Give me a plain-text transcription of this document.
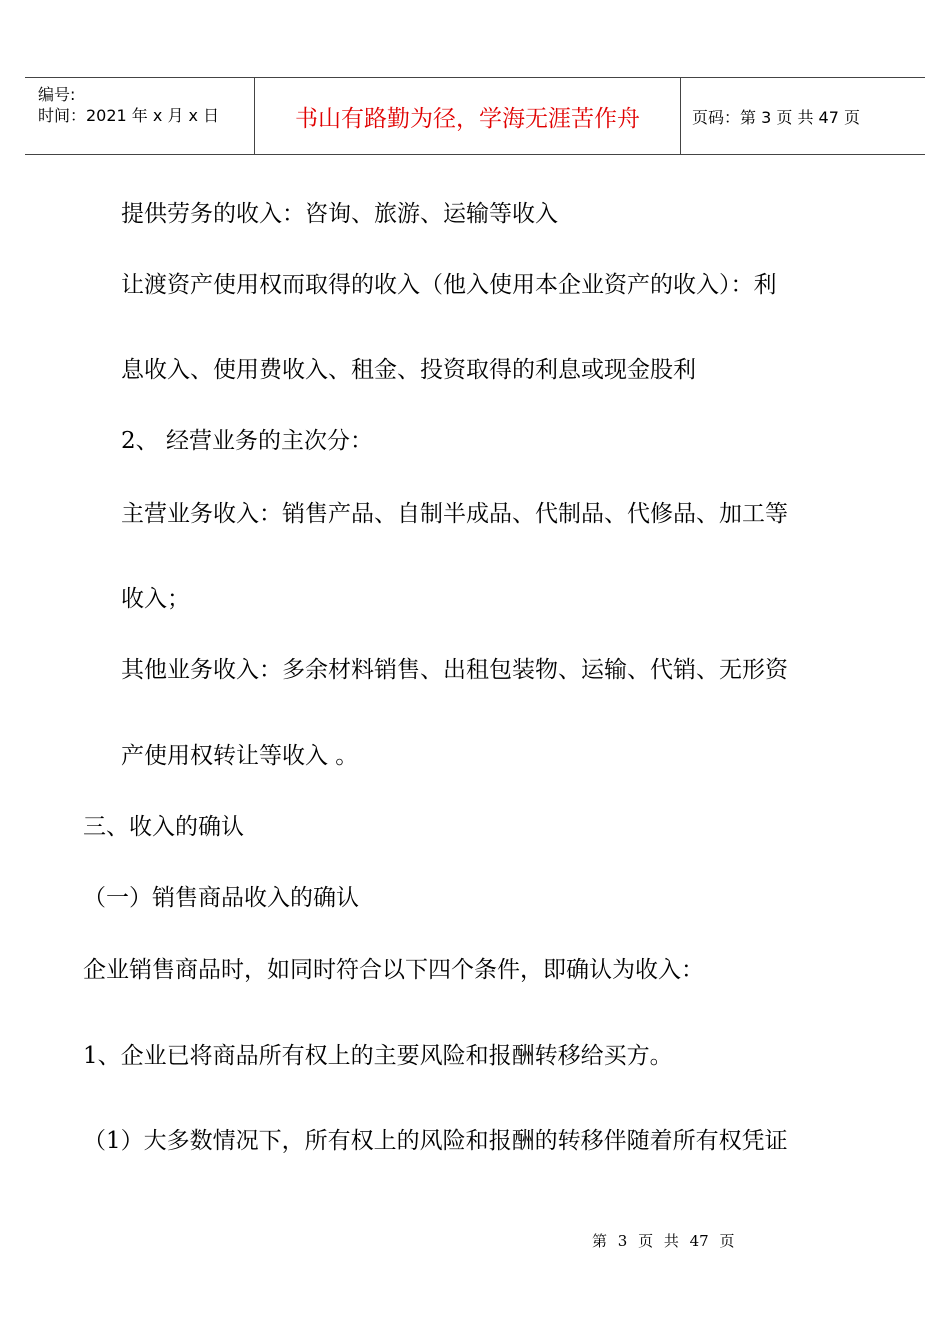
编号:
时间：2021 年 x 月 x 日	书山有路勤为径，学海无涯苦作舟	页码：第 3 页 共 47 页
提供劳务的收入：咨询、旅游、运输等收入
让渡资产使用权而取得的收入（他入使用本企业资产的收入）：利
息收入、使用费收入、租金、投资取得的利息或现金股利
2、 经营业务的主次分：
主营业务收入：销售产品、自制半成品、代制品、代修品、加工等
收入；
其他业务收入：多余材料销售、出租包装物、运输、代销、无形资
产使用权转让等收入 。
三、收入的确认
（一）销售商品收入的确认
企业销售商品时，如同时符合以下四个条件，即确认为收入：
1、企业已将商品所有权上的主要风险和报酬转移给买方。
（1）大多数情况下，所有权上的风险和报酬的转移伴随着所有权凭证
第 3 页 共 47 页
